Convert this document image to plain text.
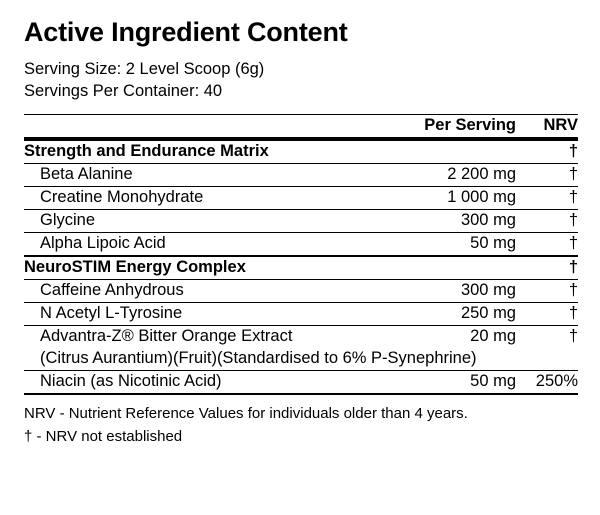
Active Ingredient Content

Serving Size: 2 Level Scoop (6g)

Servings Per Container: 40

	Per Serving	NRV
Strength and Endurance Matrix		†
Beta Alanine	2 200 mg	†
Creatine Monohydrate	1 000 mg	†
Glycine	300 mg	†
Alpha Lipoic Acid	50 mg	†
NeuroSTIM Energy Complex		†
Caffeine Anhydrous	300 mg	†
N Acetyl L-Tyrosine	250 mg	†
Advantra-Z® Bitter Orange Extract	20 mg	†
(Citrus Aurantium)(Fruit)(Standardised to 6% P-Synephrine)		
Niacin (as Nicotinic Acid)	50 mg	250%

NRV - Nutrient Reference Values for individuals older than 4 years.
† - NRV not established
